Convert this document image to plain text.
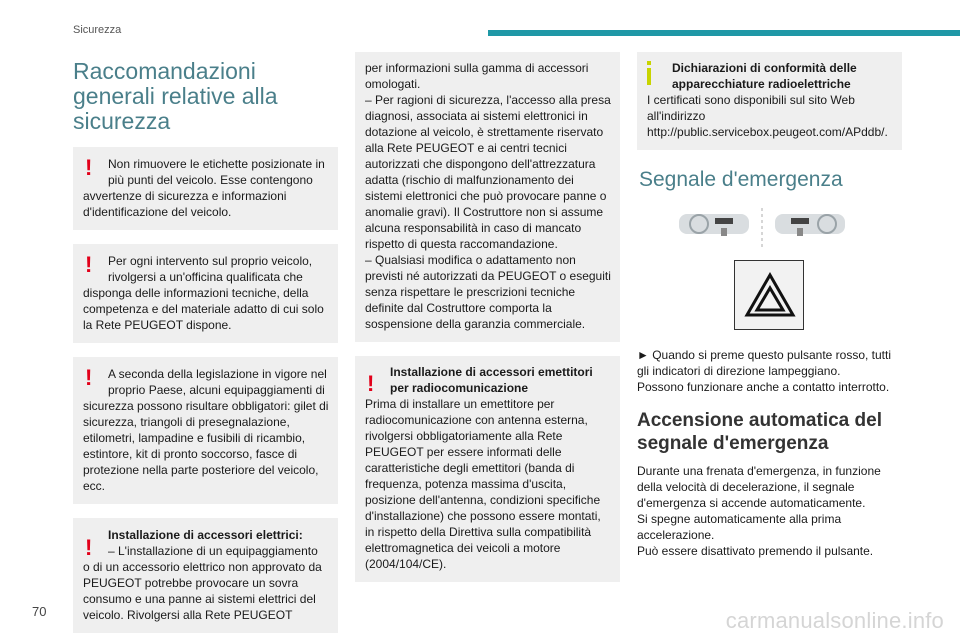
Sicurezza
Raccomandazioni generali relative alla sicurezza
!	Non rimuovere le etichette posizionate in più punti del veicolo. Esse contengono

avvertenze di sicurezza e informazioni d'identificazione del veicolo.

!	Per ogni intervento sul proprio veicolo, rivolgersi a un'officina qualificata che

disponga delle informazioni tecniche, della competenza e del materiale adatto di cui solo la Rete PEUGEOT dispone.

!	A seconda della legislazione in vigore nel proprio Paese, alcuni equipaggiamenti di

sicurezza possono risultare obbligatori: gilet di sicurezza, triangoli di presegnalazione, etilometri, lampadine e fusibili di ricambio, estintore, kit di pronto soccorso, fasce di protezione nella parte posteriore del veicolo, ecc.

!	Installazione di accessori elettrici:

– L'installazione di un equipaggiamento

o di un accessorio elettrico non approvato da PEUGEOT potrebbe provocare un sovra consumo e una panne ai sistemi elettrici del veicolo. Rivolgersi alla Rete PEUGEOT

per informazioni sulla gamma di accessori omologati.

– Per ragioni di sicurezza, l'accesso alla presa diagnosi, associata ai sistemi elettronici in dotazione al veicolo, è strettamente riservato alla Rete PEUGEOT e ai centri tecnici autorizzati che dispongono dell'attrezzatura adatta (rischio di malfunzionamento dei sistemi elettronici che può provocare panne o anomalie gravi). Il Costruttore non si assume alcuna responsabilità in caso di mancato rispetto di questa raccomandazione.

– Qualsiasi modifica o adattamento non previsti né autorizzati da PEUGEOT o eseguiti senza rispettare le prescrizioni tecniche definite dal Costruttore comporta la sospensione della garanzia commerciale.

!	Installazione di accessori emettitori per radiocomunicazione

Prima di installare un emettitore per radiocomunicazione con antenna esterna, rivolgersi obbligatoriamente alla Rete PEUGEOT per essere informati delle caratteristiche degli emettitori (banda di frequenza, potenza massima d'uscita, posizione dell'antenna, condizioni specifiche d'installazione) che possono essere montati, in rispetto della Direttiva sulla compatibilità elettromagnetica dei veicoli a motore (2004/104/CE).

Dichiarazioni di conformità delle apparecchiature radioelettriche

I certificati sono disponibili sul sito Web all'indirizzo http://public.servicebox.peugeot.com/APddb/.

Segnale d'emergenza

► Quando si preme questo pulsante rosso, tutti gli indicatori di direzione lampeggiano.

Possono funzionare anche a contatto interrotto.

Accensione automatica del segnale d'emergenza

Durante una frenata d'emergenza, in funzione della velocità di decelerazione, il segnale d'emergenza si accende automaticamente.

Si spegne automaticamente alla prima accelerazione.

Può essere disattivato premendo il pulsante.

70	carmanualsonline.info
